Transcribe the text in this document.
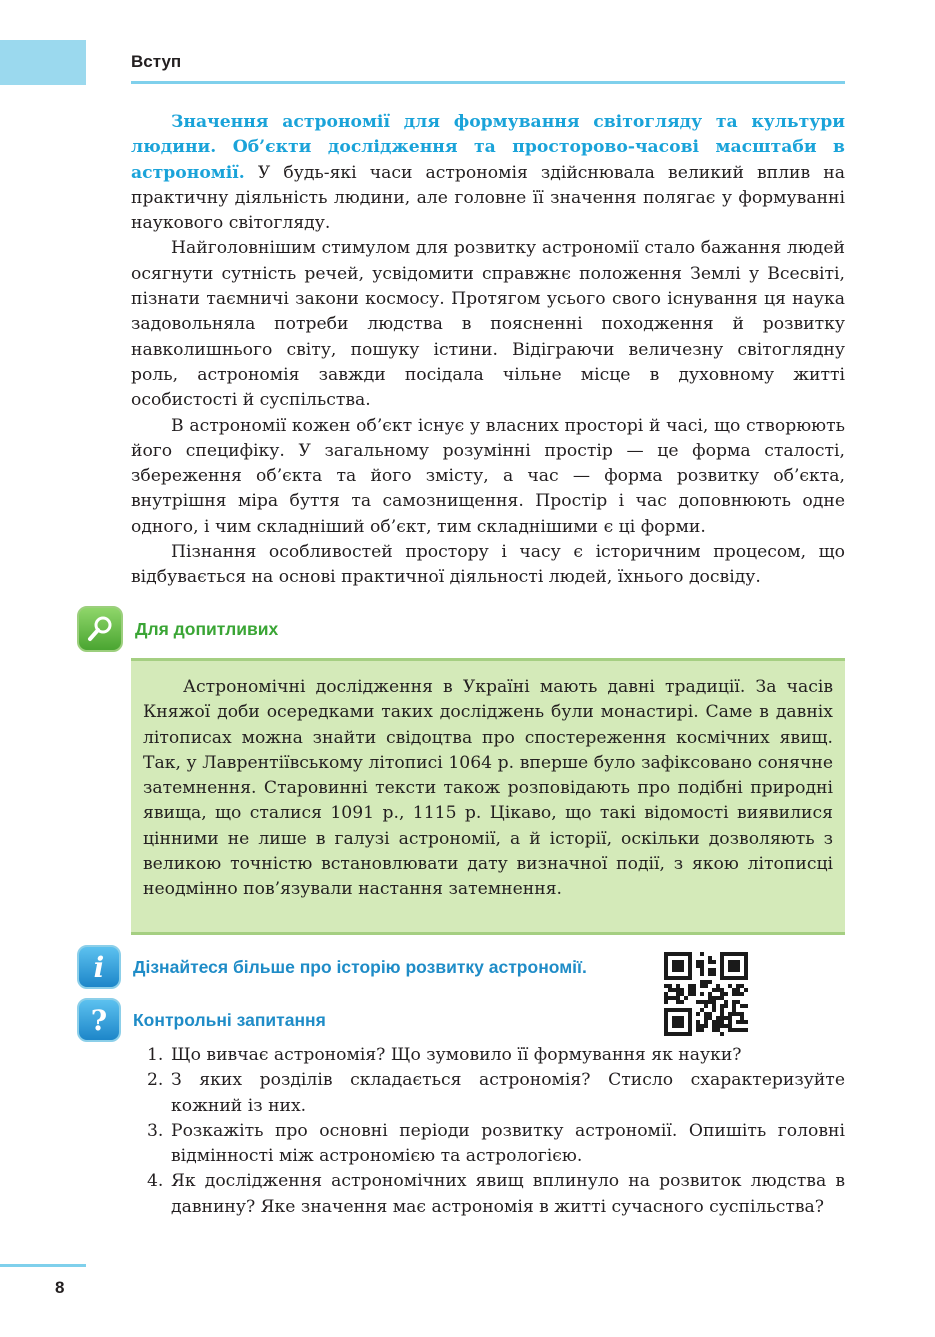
Вступ

Значення астрономії для формування світогляду та культури людини. Об’єкти дослідження та просторово-часові масштаби в астрономії. У будь-які часи астрономія здійснювала великий вплив на практичну діяльність людини, але головне її значення полягає у формуванні наукового світогляду.

Найголовнішим стимулом для розвитку астрономії стало бажання людей осягнути сутність речей, усвідомити справжнє положення Землі у Всесвіті, пізнати таємничі закони космосу. Протягом усього свого існування ця наука задовольняла потреби людства в поясненні походження й розвитку навколишнього світу, пошуку істини. Відіграючи величезну світоглядну роль, астрономія завжди посідала чільне місце в духовному житті особистості й суспільства.

В астрономії кожен об’єкт існує у власних просторі й часі, що створюють його специфіку. У загальному розумінні простір — це форма сталості, збереження об’єкта та його змісту, а час — форма розвитку об’єкта, внутрішня міра буття та самознищення. Простір і час доповнюють одне одного, і чим складніший об’єкт, тим складнішими є ці форми.

Пізнання особливостей простору і часу є історичним процесом, що відбувається на основі практичної діяльності людей, їхнього досвіду.

Для допитливих

Астрономічні дослідження в Україні мають давні традиції. За часів Княжої доби осередками таких досліджень були монастирі. Саме в давніх літописах можна знайти свідоцтва про спостереження космічних явищ. Так, у Лаврентіївському літописі 1064 р. вперше було зафіксовано сонячне затемнення. Старовинні тексти також розповідають про подібні природні явища, що сталися 1091 р., 1115 р. Цікаво, що такі відомості виявилися цінними не лише в галузі астрономії, а й історії, оскільки дозволяють з великою точністю встановлювати дату визначної події, з якою літописці неодмінно пов’язували настання затемнення.

i Дізнайтеся більше про історію розвитку астрономії.
? Контрольні запитання
1. Що вивчає астрономія? Що зумовило її формування як науки?
2. З яких розділів складається астрономія? Стисло схарактеризуйте кожний із них.
3. Розкажіть про основні періоди розвитку астрономії. Опишіть головні відмінності між астрономією та астрологією.
4. Як дослідження астрономічних явищ вплинуло на розвиток людства в давнину? Яке значення має астрономія в житті сучасного суспільства?
8
